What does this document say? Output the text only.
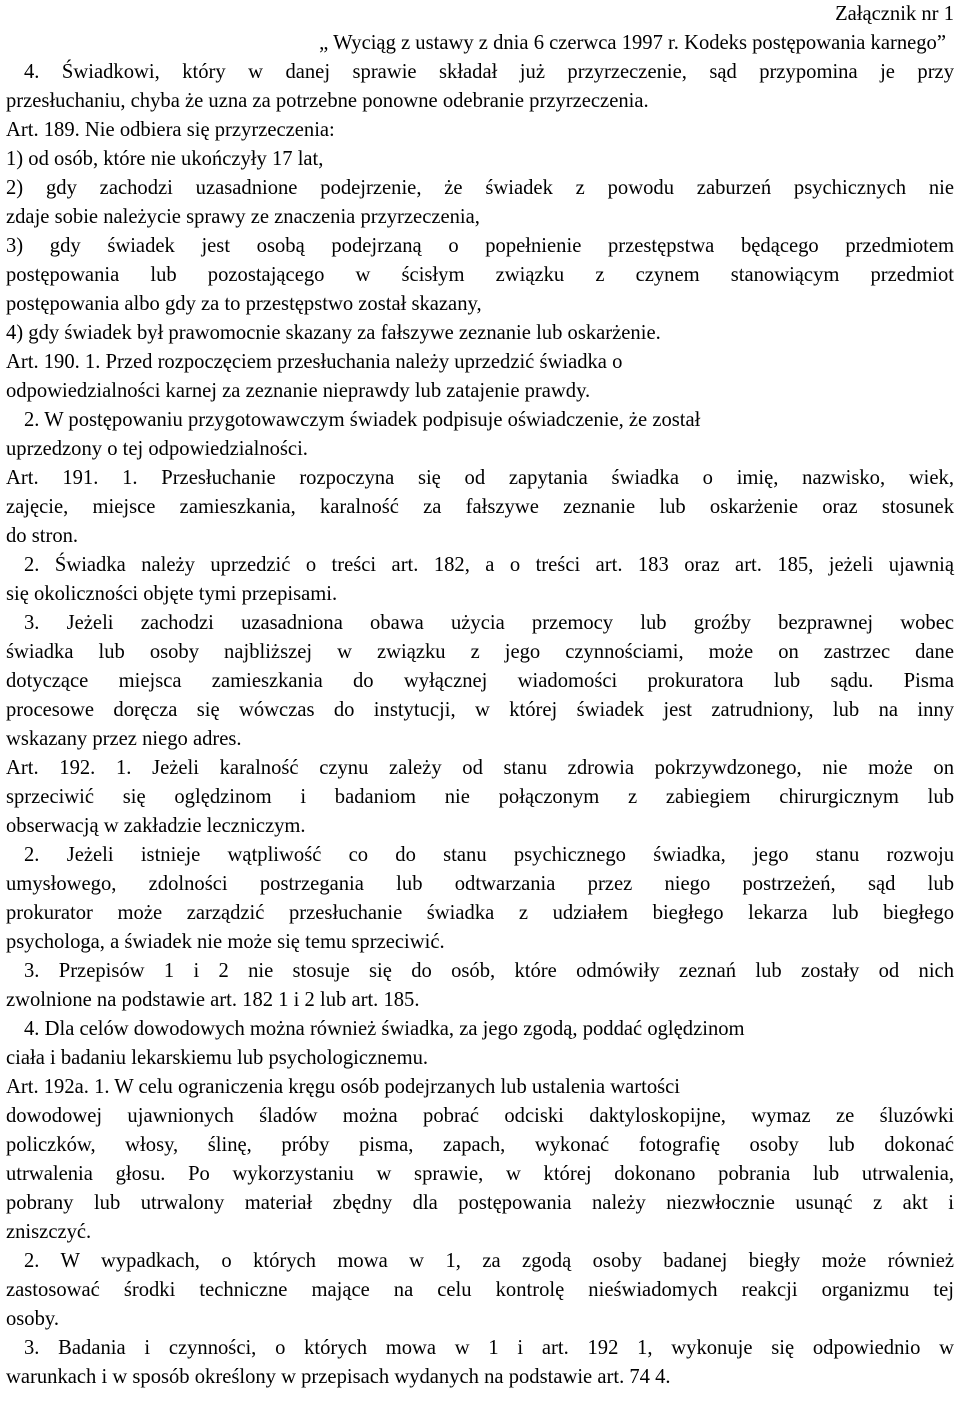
Załącznik nr 1
„ Wyciąg z ustawy z dnia 6 czerwca 1997 r. Kodeks postępowania karnego”
4. Świadkowi, który w danej sprawie składał już przyrzeczenie, sąd przypomina je przy
przesłuchaniu, chyba że uzna za potrzebne ponowne odebranie przyrzeczenia.
Art. 189. Nie odbiera się przyrzeczenia:
1) od osób, które nie ukończyły 17 lat,
2) gdy zachodzi uzasadnione podejrzenie, że świadek z powodu zaburzeń psychicznych nie
zdaje sobie należycie sprawy ze znaczenia przyrzeczenia,
3) gdy świadek jest osobą podejrzaną o popełnienie przestępstwa będącego przedmiotem
postępowania lub pozostającego w ścisłym związku z czynem stanowiącym przedmiot
postępowania albo gdy za to przestępstwo został skazany,
4) gdy świadek był prawomocnie skazany za fałszywe zeznanie lub oskarżenie.
Art. 190. 1. Przed rozpoczęciem przesłuchania należy uprzedzić świadka o
odpowiedzialności karnej za zeznanie nieprawdy lub zatajenie prawdy.
2. W postępowaniu przygotowawczym świadek podpisuje oświadczenie, że został
uprzedzony o tej odpowiedzialności.
Art. 191. 1. Przesłuchanie rozpoczyna się od zapytania świadka o imię, nazwisko, wiek,
zajęcie, miejsce zamieszkania, karalność za fałszywe zeznanie lub oskarżenie oraz stosunek
do stron.
2. Świadka należy uprzedzić o treści art. 182, a o treści art. 183 oraz art. 185, jeżeli ujawnią
się okoliczności objęte tymi przepisami.
3. Jeżeli zachodzi uzasadniona obawa użycia przemocy lub groźby bezprawnej wobec
świadka lub osoby najbliższej w związku z jego czynnościami, może on zastrzec dane
dotyczące miejsca zamieszkania do wyłącznej wiadomości prokuratora lub sądu. Pisma
procesowe doręcza się wówczas do instytucji, w której świadek jest zatrudniony, lub na inny
wskazany przez niego adres.
Art. 192. 1. Jeżeli karalność czynu zależy od stanu zdrowia pokrzywdzonego, nie może on
sprzeciwić się oględzinom i badaniom nie połączonym z zabiegiem chirurgicznym lub
obserwacją w zakładzie leczniczym.
2. Jeżeli istnieje wątpliwość co do stanu psychicznego świadka, jego stanu rozwoju
umysłowego, zdolności postrzegania lub odtwarzania przez niego postrzeżeń, sąd lub
prokurator może zarządzić przesłuchanie świadka z udziałem biegłego lekarza lub biegłego
psychologa, a świadek nie może się temu sprzeciwić.
3. Przepisów 1 i 2 nie stosuje się do osób, które odmówiły zeznań lub zostały od nich
zwolnione na podstawie art. 182 1 i 2 lub art. 185.
4. Dla celów dowodowych można również świadka, za jego zgodą, poddać oględzinom
ciała i badaniu lekarskiemu lub psychologicznemu.
Art. 192a. 1. W celu ograniczenia kręgu osób podejrzanych lub ustalenia wartości
dowodowej ujawnionych śladów można pobrać odciski daktyloskopijne, wymaz ze śluzówki
policzków, włosy, ślinę, próby pisma, zapach, wykonać fotografię osoby lub dokonać
utrwalenia głosu. Po wykorzystaniu w sprawie, w której dokonano pobrania lub utrwalenia,
pobrany lub utrwalony materiał zbędny dla postępowania należy niezwłocznie usunąć z akt i
zniszczyć.
2. W wypadkach, o których mowa w 1, za zgodą osoby badanej biegły może również
zastosować środki techniczne mające na celu kontrolę nieświadomych reakcji organizmu tej
osoby.
3. Badania i czynności, o których mowa w 1 i art. 192 1, wykonuje się odpowiednio w
warunkach i w sposób określony w przepisach wydanych na podstawie art. 74 4.
